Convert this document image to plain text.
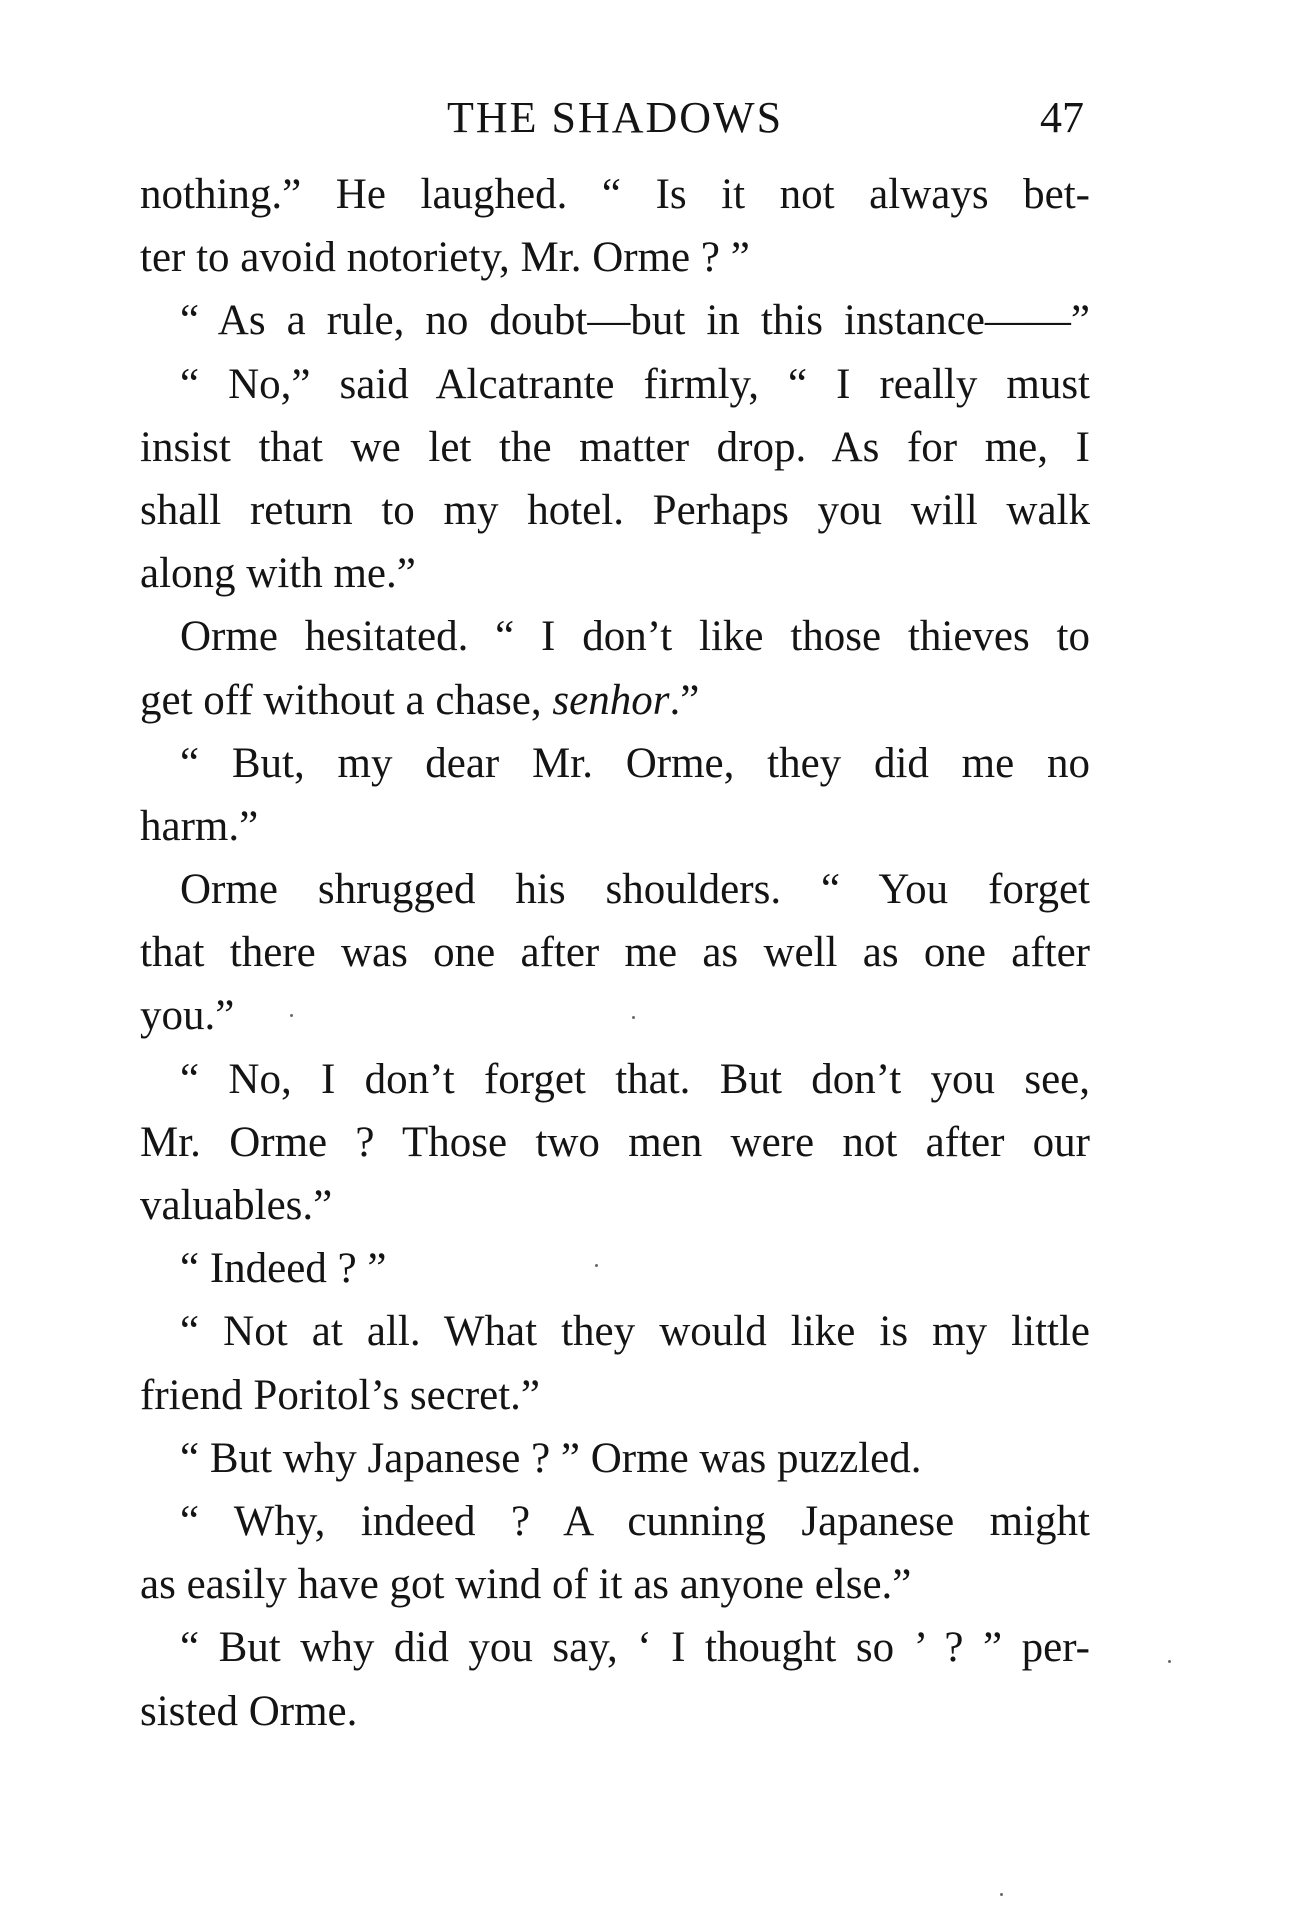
THE SHADOWS	47
nothing.” He laughed. “ Is it not always bet-
ter to avoid notoriety, Mr. Orme ? ”
“ As a rule, no doubt—but in this instance——”
“ No,” said Alcatrante firmly, “ I really must
insist that we let the matter drop. As for me, I
shall return to my hotel. Perhaps you will walk
along with me.”
Orme hesitated. “ I don’t like those thieves to
get off without a chase, senhor.”
“ But, my dear Mr. Orme, they did me no
harm.”
Orme shrugged his shoulders. “ You forget
that there was one after me as well as one after
you.”
“ No, I don’t forget that. But don’t you see,
Mr. Orme ? Those two men were not after our
valuables.”
“ Indeed ? ”
“ Not at all. What they would like is my little
friend Poritol’s secret.”
“ But why Japanese ? ” Orme was puzzled.
“ Why, indeed ? A cunning Japanese might
as easily have got wind of it as anyone else.”
“ But why did you say, ‘ I thought so ’ ? ” per-
sisted Orme.
